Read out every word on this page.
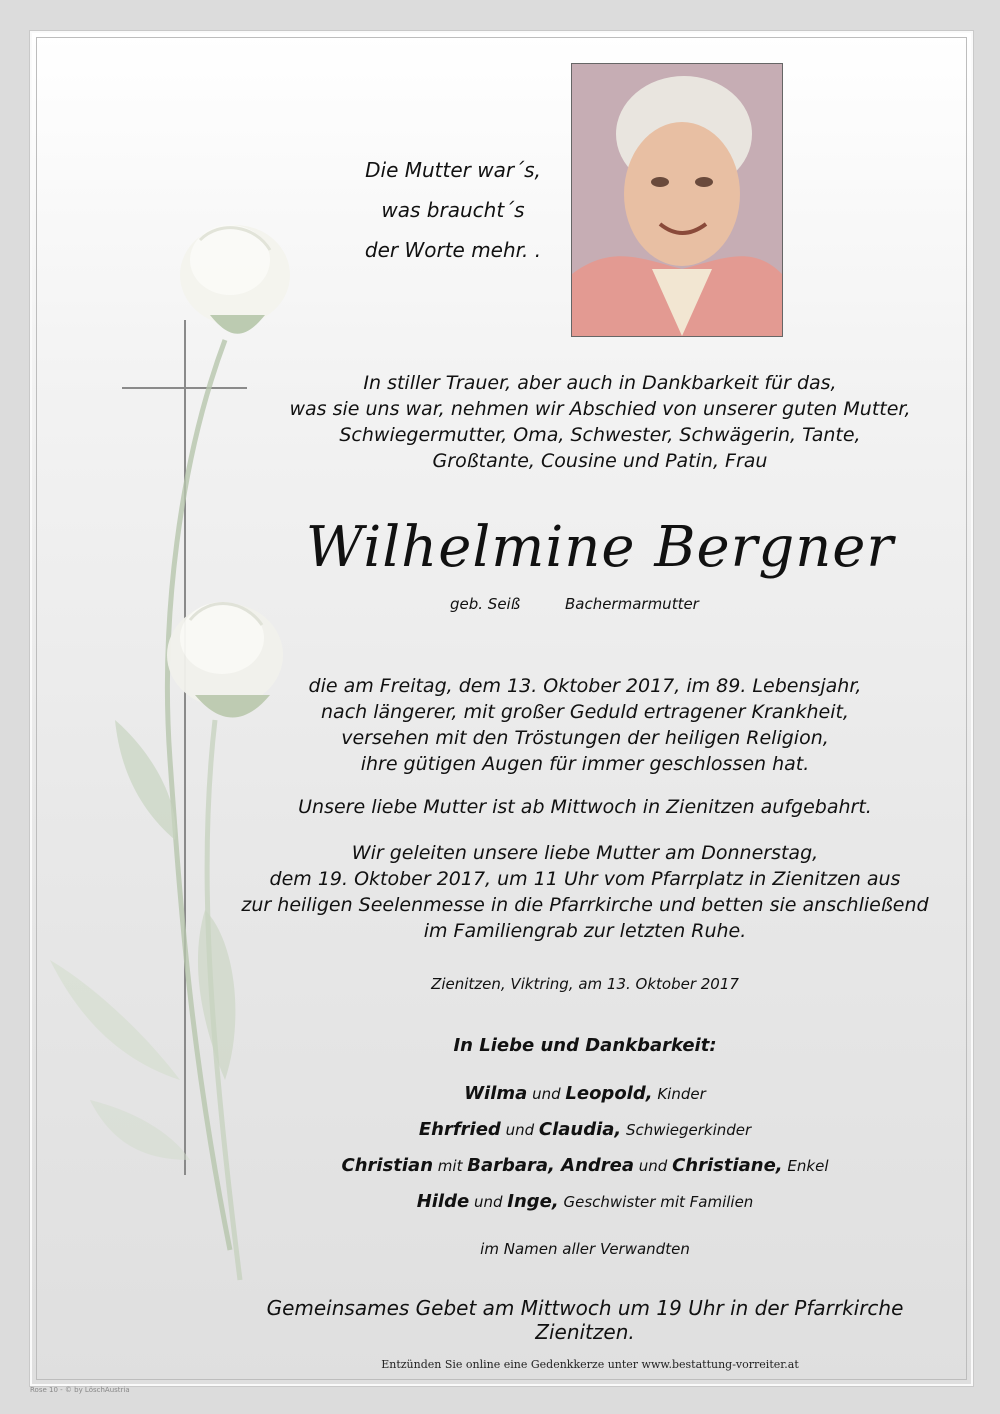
Die Mutter war´s,
was braucht´s
der Worte mehr. .
In stiller Trauer, aber auch in Dankbarkeit für das,
was sie uns war, nehmen wir Abschied von unserer guten Mutter,
Schwiegermutter, Oma, Schwester, Schwägerin, Tante,
Großtante, Cousine und Patin, Frau
Wilhelmine Bergner
geb. Seiß	Bachermarmutter
die am Freitag, dem 13. Oktober 2017, im 89. Lebensjahr,
nach längerer, mit großer Geduld ertragener Krankheit,
versehen mit den Tröstungen der heiligen Religion,
ihre gütigen Augen für immer geschlossen hat.
Unsere liebe Mutter ist ab Mittwoch in Zienitzen aufgebahrt.
Wir geleiten unsere liebe Mutter am Donnerstag,
dem 19. Oktober 2017, um 11 Uhr vom Pfarrplatz in Zienitzen aus
zur heiligen Seelenmesse in die Pfarrkirche und betten sie anschließend
im Familiengrab zur letzten Ruhe.
Zienitzen, Viktring, am 13. Oktober 2017
In Liebe und Dankbarkeit:
Wilma und Leopold, Kinder
Ehrfried und Claudia, Schwiegerkinder
Christian mit Barbara, Andrea und Christiane, Enkel
Hilde und Inge, Geschwister mit Familien
im Namen aller Verwandten
Gemeinsames Gebet am Mittwoch um 19 Uhr in der Pfarrkirche Zienitzen.
Entzünden Sie online eine Gedenkkerze unter www.bestattung-vorreiter.at
Rose 10 - © by LöschAustria
